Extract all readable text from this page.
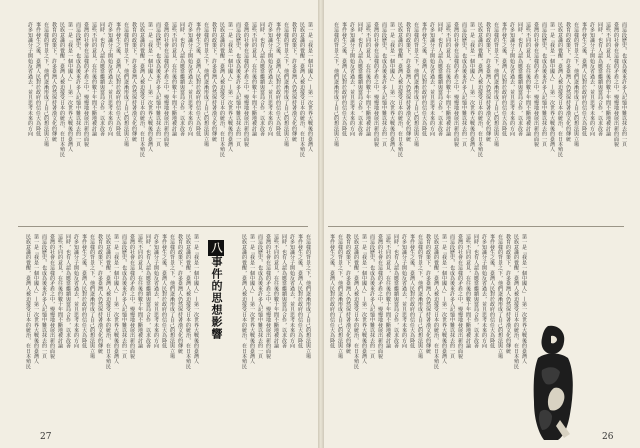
第一是『我是一個中國人』—第一次世界大戰後的臺灣人
民族意識的覺醒，臺灣人被迫接受日本的統治，在日本殖民
教育的政策下，許多臺灣人仍然保持著漢文化的傳統
在這樣的背景之下，他們逐漸形成了自己的想法與立場
事件發生之後，臺灣人民對於政府的信任大為降低
許多知識分子開始反省過去，並且思考未來的方向
同時，也有人認為應當繼續與當局合作，以求改善
這些不同的意見，在往後的數十年間不斷地被討論
臺灣的社會在這樣的矛盾之中，慢慢地發展出新的面貌
而這段歷史，也成為後來許多人記憶中難以抹去的一頁
第一是『我是一個中國人』—第一次世界大戰後的臺灣人
民族意識的覺醒，臺灣人被迫接受日本的統治，在日本殖民
教育的政策下，許多臺灣人仍然保持著漢文化的傳統
在這樣的背景之下，他們逐漸形成了自己的想法與立場
事件發生之後，臺灣人民對於政府的信任大為降低
許多知識分子開始反省過去，並且思考未來的方向
同時，也有人認為應當繼續與當局合作，以求改善
這些不同的意見，在往後的數十年間不斷地被討論
臺灣的社會在這樣的矛盾之中，慢慢地發展出新的面貌
而這段歷史，也成為後來許多人記憶中難以抹去的一頁
第一是『我是一個中國人』—第一次世界大戰後的臺灣人
民族意識的覺醒，臺灣人被迫接受日本的統治，在日本殖民
教育的政策下，許多臺灣人仍然保持著漢文化的傳統
在這樣的背景之下，他們逐漸形成了自己的想法與立場
事件發生之後，臺灣人民對於政府的信任大為降低
許多知識分子開始反省過去，並且思考未來的方向
同時，也有人認為應當繼續與當局合作，以求改善
這些不同的意見，在往後的數十年間不斷地被討論
臺灣的社會在這樣的矛盾之中，慢慢地發展出新的面貌
而這段歷史，也成為後來許多人記憶中難以抹去的一頁
第一是『我是一個中國人』—第一次世界大戰後的臺灣人
民族意識的覺醒，臺灣人被迫接受日本的統治，在日本殖民
教育的政策下，許多臺灣人仍然保持著漢文化的傳統
在這樣的背景之下，他們逐漸形成了自己的想法與立場
事件發生之後，臺灣人民對於政府的信任大為降低
許多知識分子開始反省過去，並且思考未來的方向
第一是『我是一個中國人』—第一次世界大戰後的臺灣人
民族意識的覺醒，臺灣人被迫接受日本的統治，在日本殖民
教育的政策下，許多臺灣人仍然保持著漢文化的傳統
在這樣的背景之下，他們逐漸形成了自己的想法與立場
事件發生之後，臺灣人民對於政府的信任大為降低
許多知識分子開始反省過去，並且思考未來的方向
同時，也有人認為應當繼續與當局合作，以求改善
這些不同的意見，在往後的數十年間不斷地被討論
臺灣的社會在這樣的矛盾之中，慢慢地發展出新的面貌
而這段歷史，也成為後來許多人記憶中難以抹去的一頁
第一是『我是一個中國人』—第一次世界大戰後的臺灣人
民族意識的覺醒，臺灣人被迫接受日本的統治，在日本殖民
教育的政策下，許多臺灣人仍然保持著漢文化的傳統
在這樣的背景之下，他們逐漸形成了自己的想法與立場
事件發生之後，臺灣人民對於政府的信任大為降低
許多知識分子開始反省過去，並且思考未來的方向
同時，也有人認為應當繼續與當局合作，以求改善
這些不同的意見，在往後的數十年間不斷地被討論
臺灣的社會在這樣的矛盾之中，慢慢地發展出新的面貌
而這段歷史，也成為後來許多人記憶中難以抹去的一頁
第一是『我是一個中國人』—第一次世界大戰後的臺灣人
民族意識的覺醒，臺灣人被迫接受日本的統治，在日本殖民	八事件的思想影響	在這樣的背景之下，他們逐漸形成了自己的想法與立場
事件發生之後，臺灣人民對於政府的信任大為降低
許多知識分子開始反省過去，並且思考未來的方向
同時，也有人認為應當繼續與當局合作，以求改善
這些不同的意見，在往後的數十年間不斷地被討論
臺灣的社會在這樣的矛盾之中，慢慢地發展出新的面貌
而這段歷史，也成為後來許多人記憶中難以抹去的一頁
第一是『我是一個中國人』—第一次世界大戰後的臺灣人
民族意識的覺醒，臺灣人被迫接受日本的統治，在日本殖民
27
而這段歷史，也成為後來許多人記憶中難以抹去的一頁
臺灣的社會在這樣的矛盾之中，慢慢地發展出新的面貌
這些不同的意見，在往後的數十年間不斷地被討論
同時，也有人認為應當繼續與當局合作，以求改善
許多知識分子開始反省過去，並且思考未來的方向
事件發生之後，臺灣人民對於政府的信任大為降低
在這樣的背景之下，他們逐漸形成了自己的想法與立場
教育的政策下，許多臺灣人仍然保持著漢文化的傳統
民族意識的覺醒，臺灣人被迫接受日本的統治，在日本殖民
第一是『我是一個中國人』—第一次世界大戰後的臺灣人
而這段歷史，也成為後來許多人記憶中難以抹去的一頁
臺灣的社會在這樣的矛盾之中，慢慢地發展出新的面貌
這些不同的意見，在往後的數十年間不斷地被討論
同時，也有人認為應當繼續與當局合作，以求改善
許多知識分子開始反省過去，並且思考未來的方向
事件發生之後，臺灣人民對於政府的信任大為降低
在這樣的背景之下，他們逐漸形成了自己的想法與立場
教育的政策下，許多臺灣人仍然保持著漢文化的傳統
民族意識的覺醒，臺灣人被迫接受日本的統治，在日本殖民
第一是『我是一個中國人』—第一次世界大戰後的臺灣人
而這段歷史，也成為後來許多人記憶中難以抹去的一頁
臺灣的社會在這樣的矛盾之中，慢慢地發展出新的面貌
這些不同的意見，在往後的數十年間不斷地被討論
同時，也有人認為應當繼續與當局合作，以求改善
許多知識分子開始反省過去，並且思考未來的方向
事件發生之後，臺灣人民對於政府的信任大為降低
在這樣的背景之下，他們逐漸形成了自己的想法與立場
教育的政策下，許多臺灣人仍然保持著漢文化的傳統
民族意識的覺醒，臺灣人被迫接受日本的統治，在日本殖民
第一是『我是一個中國人』—第一次世界大戰後的臺灣人
而這段歷史，也成為後來許多人記憶中難以抹去的一頁
臺灣的社會在這樣的矛盾之中，慢慢地發展出新的面貌
這些不同的意見，在往後的數十年間不斷地被討論
同時，也有人認為應當繼續與當局合作，以求改善
許多知識分子開始反省過去，並且思考未來的方向
事件發生之後，臺灣人民對於政府的信任大為降低
在這樣的背景之下，他們逐漸形成了自己的想法與立場
第一是『我是一個中國人』—第一次世界大戰後的臺灣人
民族意識的覺醒，臺灣人被迫接受日本的統治，在日本殖民
教育的政策下，許多臺灣人仍然保持著漢文化的傳統
在這樣的背景之下，他們逐漸形成了自己的想法與立場
事件發生之後，臺灣人民對於政府的信任大為降低
許多知識分子開始反省過去，並且思考未來的方向
同時，也有人認為應當繼續與當局合作，以求改善
這些不同的意見，在往後的數十年間不斷地被討論
臺灣的社會在這樣的矛盾之中，慢慢地發展出新的面貌
而這段歷史，也成為後來許多人記憶中難以抹去的一頁
第一是『我是一個中國人』—第一次世界大戰後的臺灣人
民族意識的覺醒，臺灣人被迫接受日本的統治，在日本殖民
教育的政策下，許多臺灣人仍然保持著漢文化的傳統
在這樣的背景之下，他們逐漸形成了自己的想法與立場
事件發生之後，臺灣人民對於政府的信任大為降低
許多知識分子開始反省過去，並且思考未來的方向
同時，也有人認為應當繼續與當局合作，以求改善
這些不同的意見，在往後的數十年間不斷地被討論
臺灣的社會在這樣的矛盾之中，慢慢地發展出新的面貌
而這段歷史，也成為後來許多人記憶中難以抹去的一頁
第一是『我是一個中國人』—第一次世界大戰後的臺灣人
民族意識的覺醒，臺灣人被迫接受日本的統治，在日本殖民
教育的政策下，許多臺灣人仍然保持著漢文化的傳統
在這樣的背景之下，他們逐漸形成了自己的想法與立場
事件發生之後，臺灣人民對於政府的信任大為降低
26
